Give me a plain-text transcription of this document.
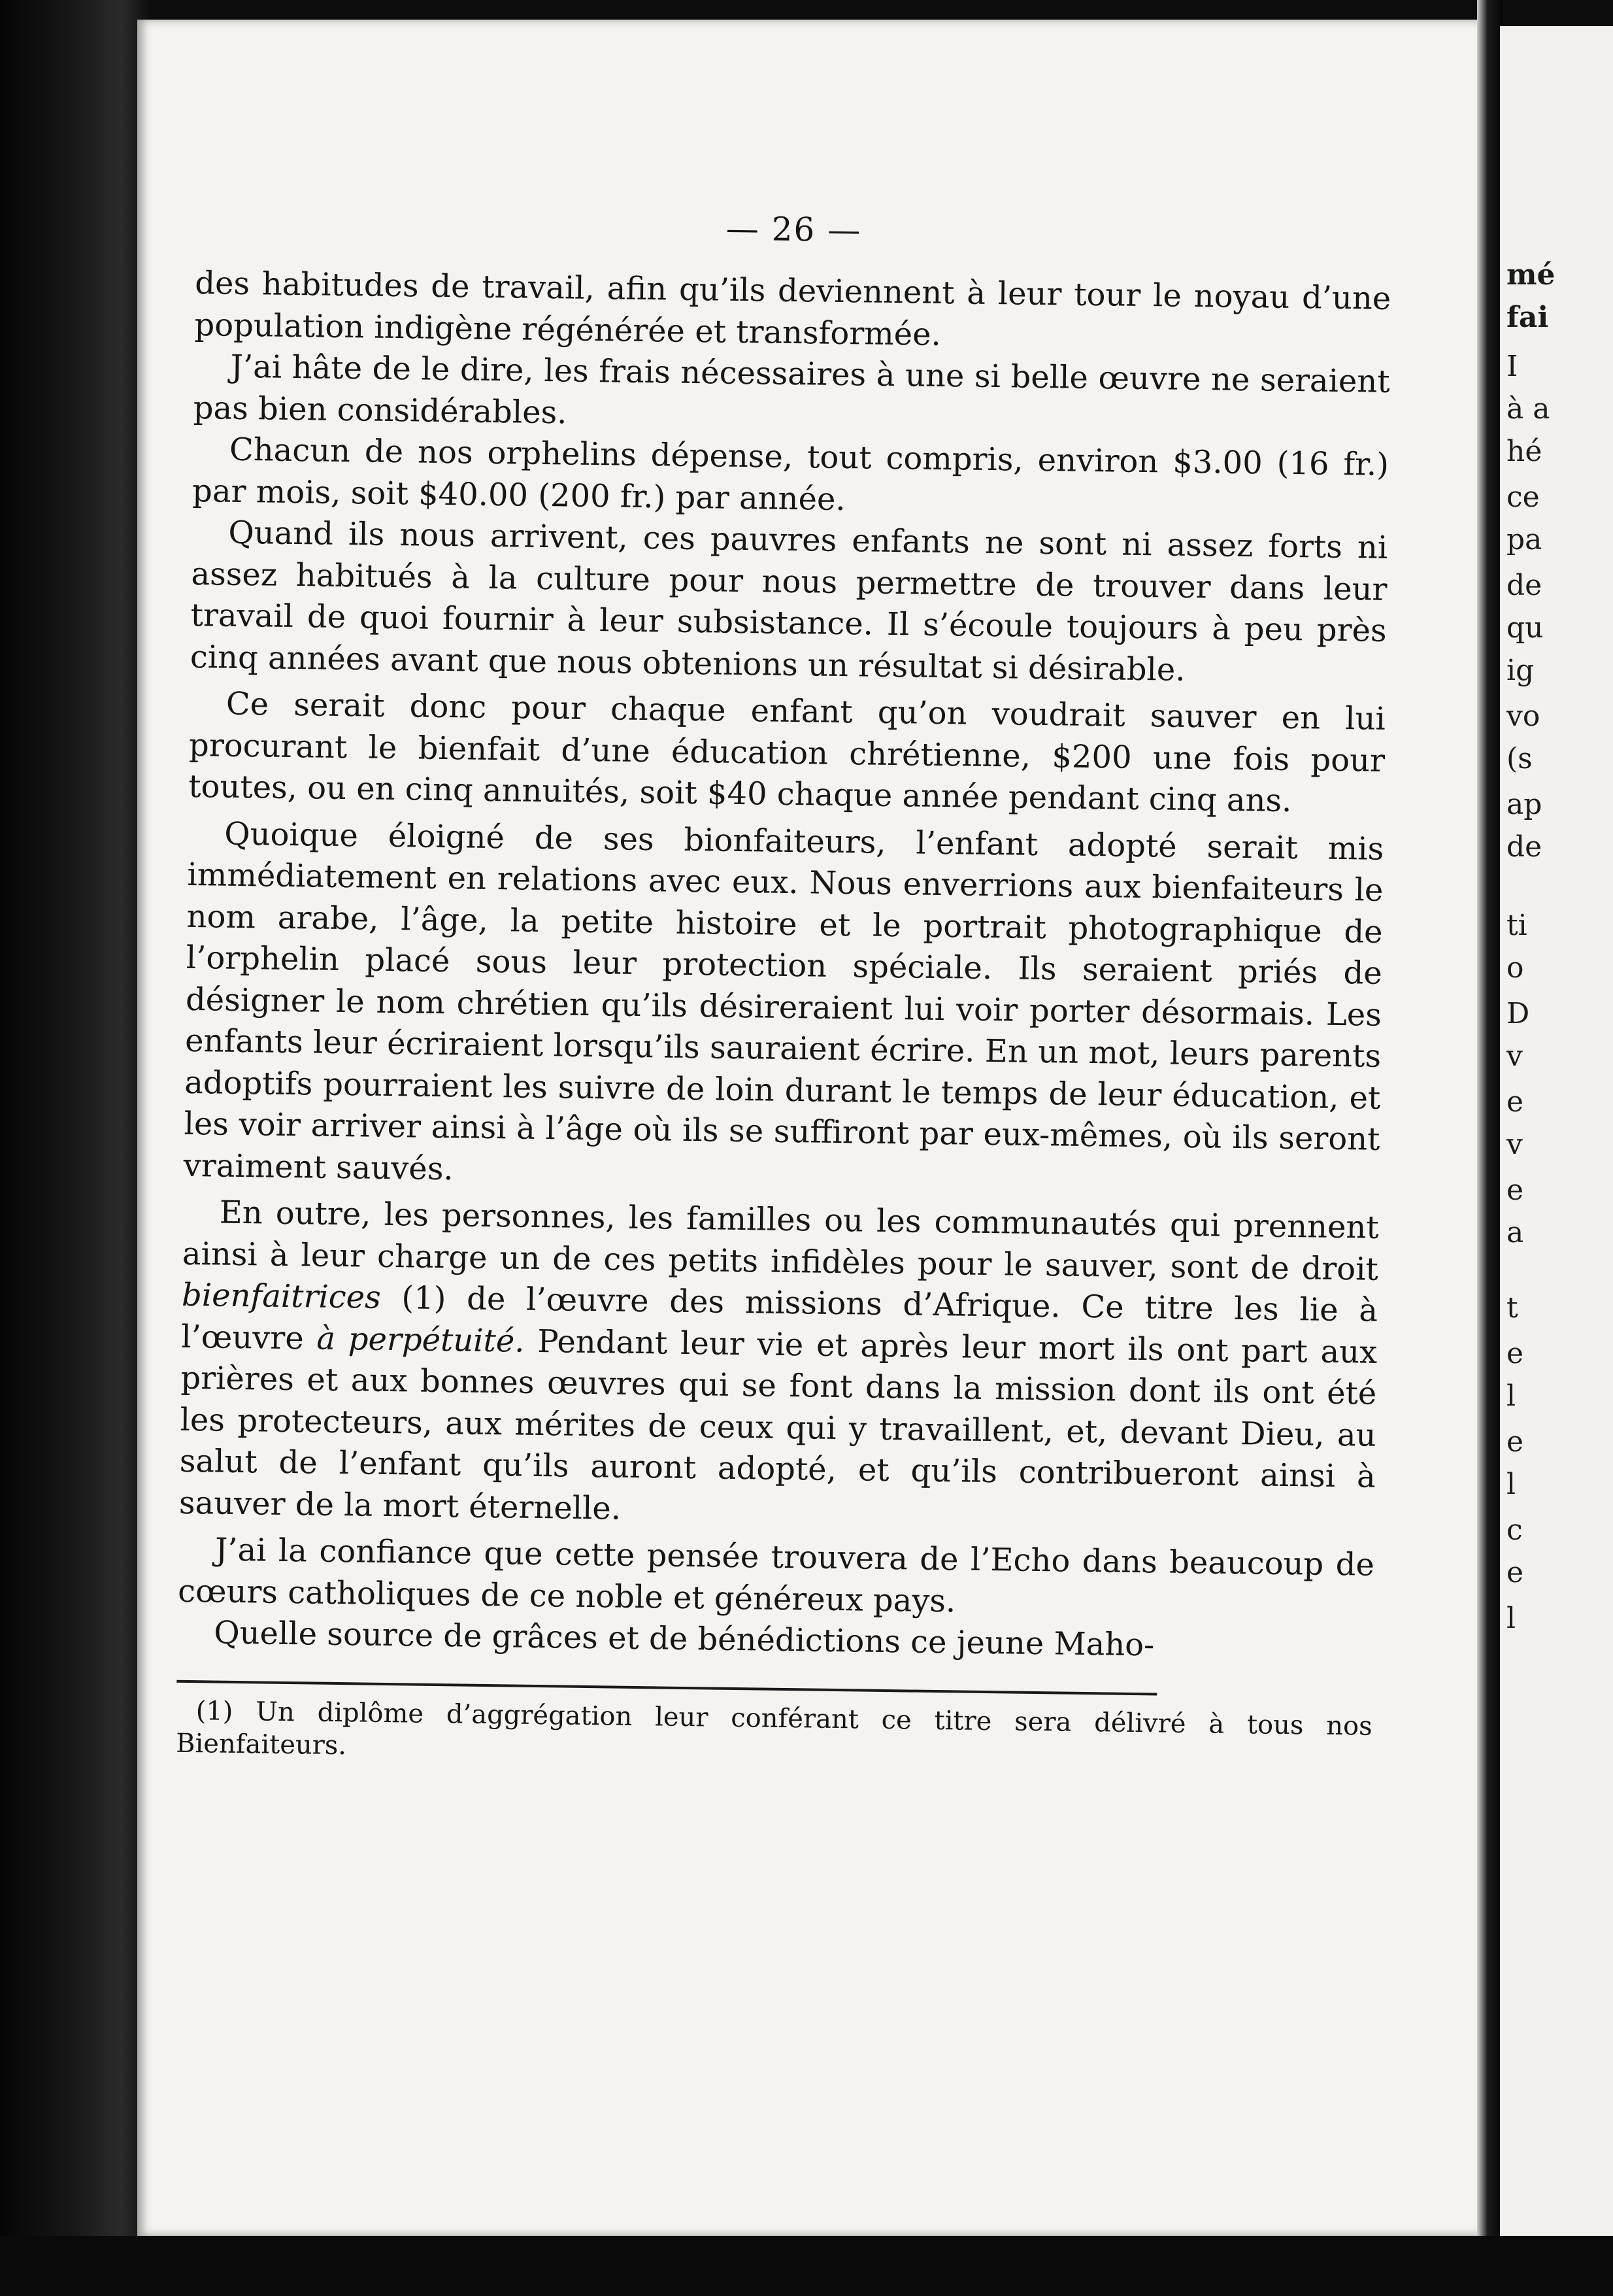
mé
fai
I
à a
hé
ce
pa
de
qu
ig
vo
(s
ap
de
ti
o
D
v
e
v
e
a
t
e
l
e
l
c
e
l
— 26 —

des habitudes de travail, afin qu’ils deviennent à leur tour le noyau d’une population indigène régénérée et transformée.

J’ai hâte de le dire, les frais nécessaires à une si belle œuvre ne seraient pas bien considérables.

Chacun de nos orphelins dépense, tout compris, environ $3.00 (16 fr.) par mois, soit $40.00 (200 fr.) par année.

Quand ils nous arrivent, ces pauvres enfants ne sont ni assez forts ni assez habitués à la culture pour nous permettre de trouver dans leur travail de quoi fournir à leur subsistance. Il s’écoule toujours à peu près cinq années avant que nous obtenions un résultat si désirable.

Ce serait donc pour chaque enfant qu’on voudrait sauver en lui procurant le bienfait d’une éducation chrétienne, $200 une fois pour toutes, ou en cinq annuités, soit $40 chaque année pendant cinq ans.

Quoique éloigné de ses bionfaiteurs, l’enfant adopté serait mis immédiatement en relations avec eux. Nous enverrions aux bienfaiteurs le nom arabe, l’âge, la petite histoire et le portrait photographique de l’orphelin placé sous leur protection spéciale. Ils seraient priés de désigner le nom chrétien qu’ils désireraient lui voir porter désormais. Les enfants leur écriraient lorsqu’ils sauraient écrire. En un mot, leurs parents adoptifs pourraient les suivre de loin durant le temps de leur éducation, et les voir arriver ainsi à l’âge où ils se suffiront par eux-mêmes, où ils seront vraiment sauvés.

En outre, les personnes, les familles ou les communautés qui prennent ainsi à leur charge un de ces petits infidèles pour le sauver, sont de droit bienfaitrices (1) de l’œuvre des missions d’Afrique. Ce titre les lie à l’œuvre à perpétuité. Pendant leur vie et après leur mort ils ont part aux prières et aux bonnes œuvres qui se font dans la mission dont ils ont été les protecteurs, aux mérites de ceux qui y travaillent, et, devant Dieu, au salut de l’enfant qu’ils auront adopté, et qu’ils contribueront ainsi à sauver de la mort éternelle.

J’ai la confiance que cette pensée trouvera de l’Echo dans beaucoup de cœurs catholiques de ce noble et généreux pays.

Quelle source de grâces et de bénédictions ce jeune Maho-

(1) Un diplôme d’aggrégation leur conférant ce titre sera délivré à tous nos Bienfaiteurs.
